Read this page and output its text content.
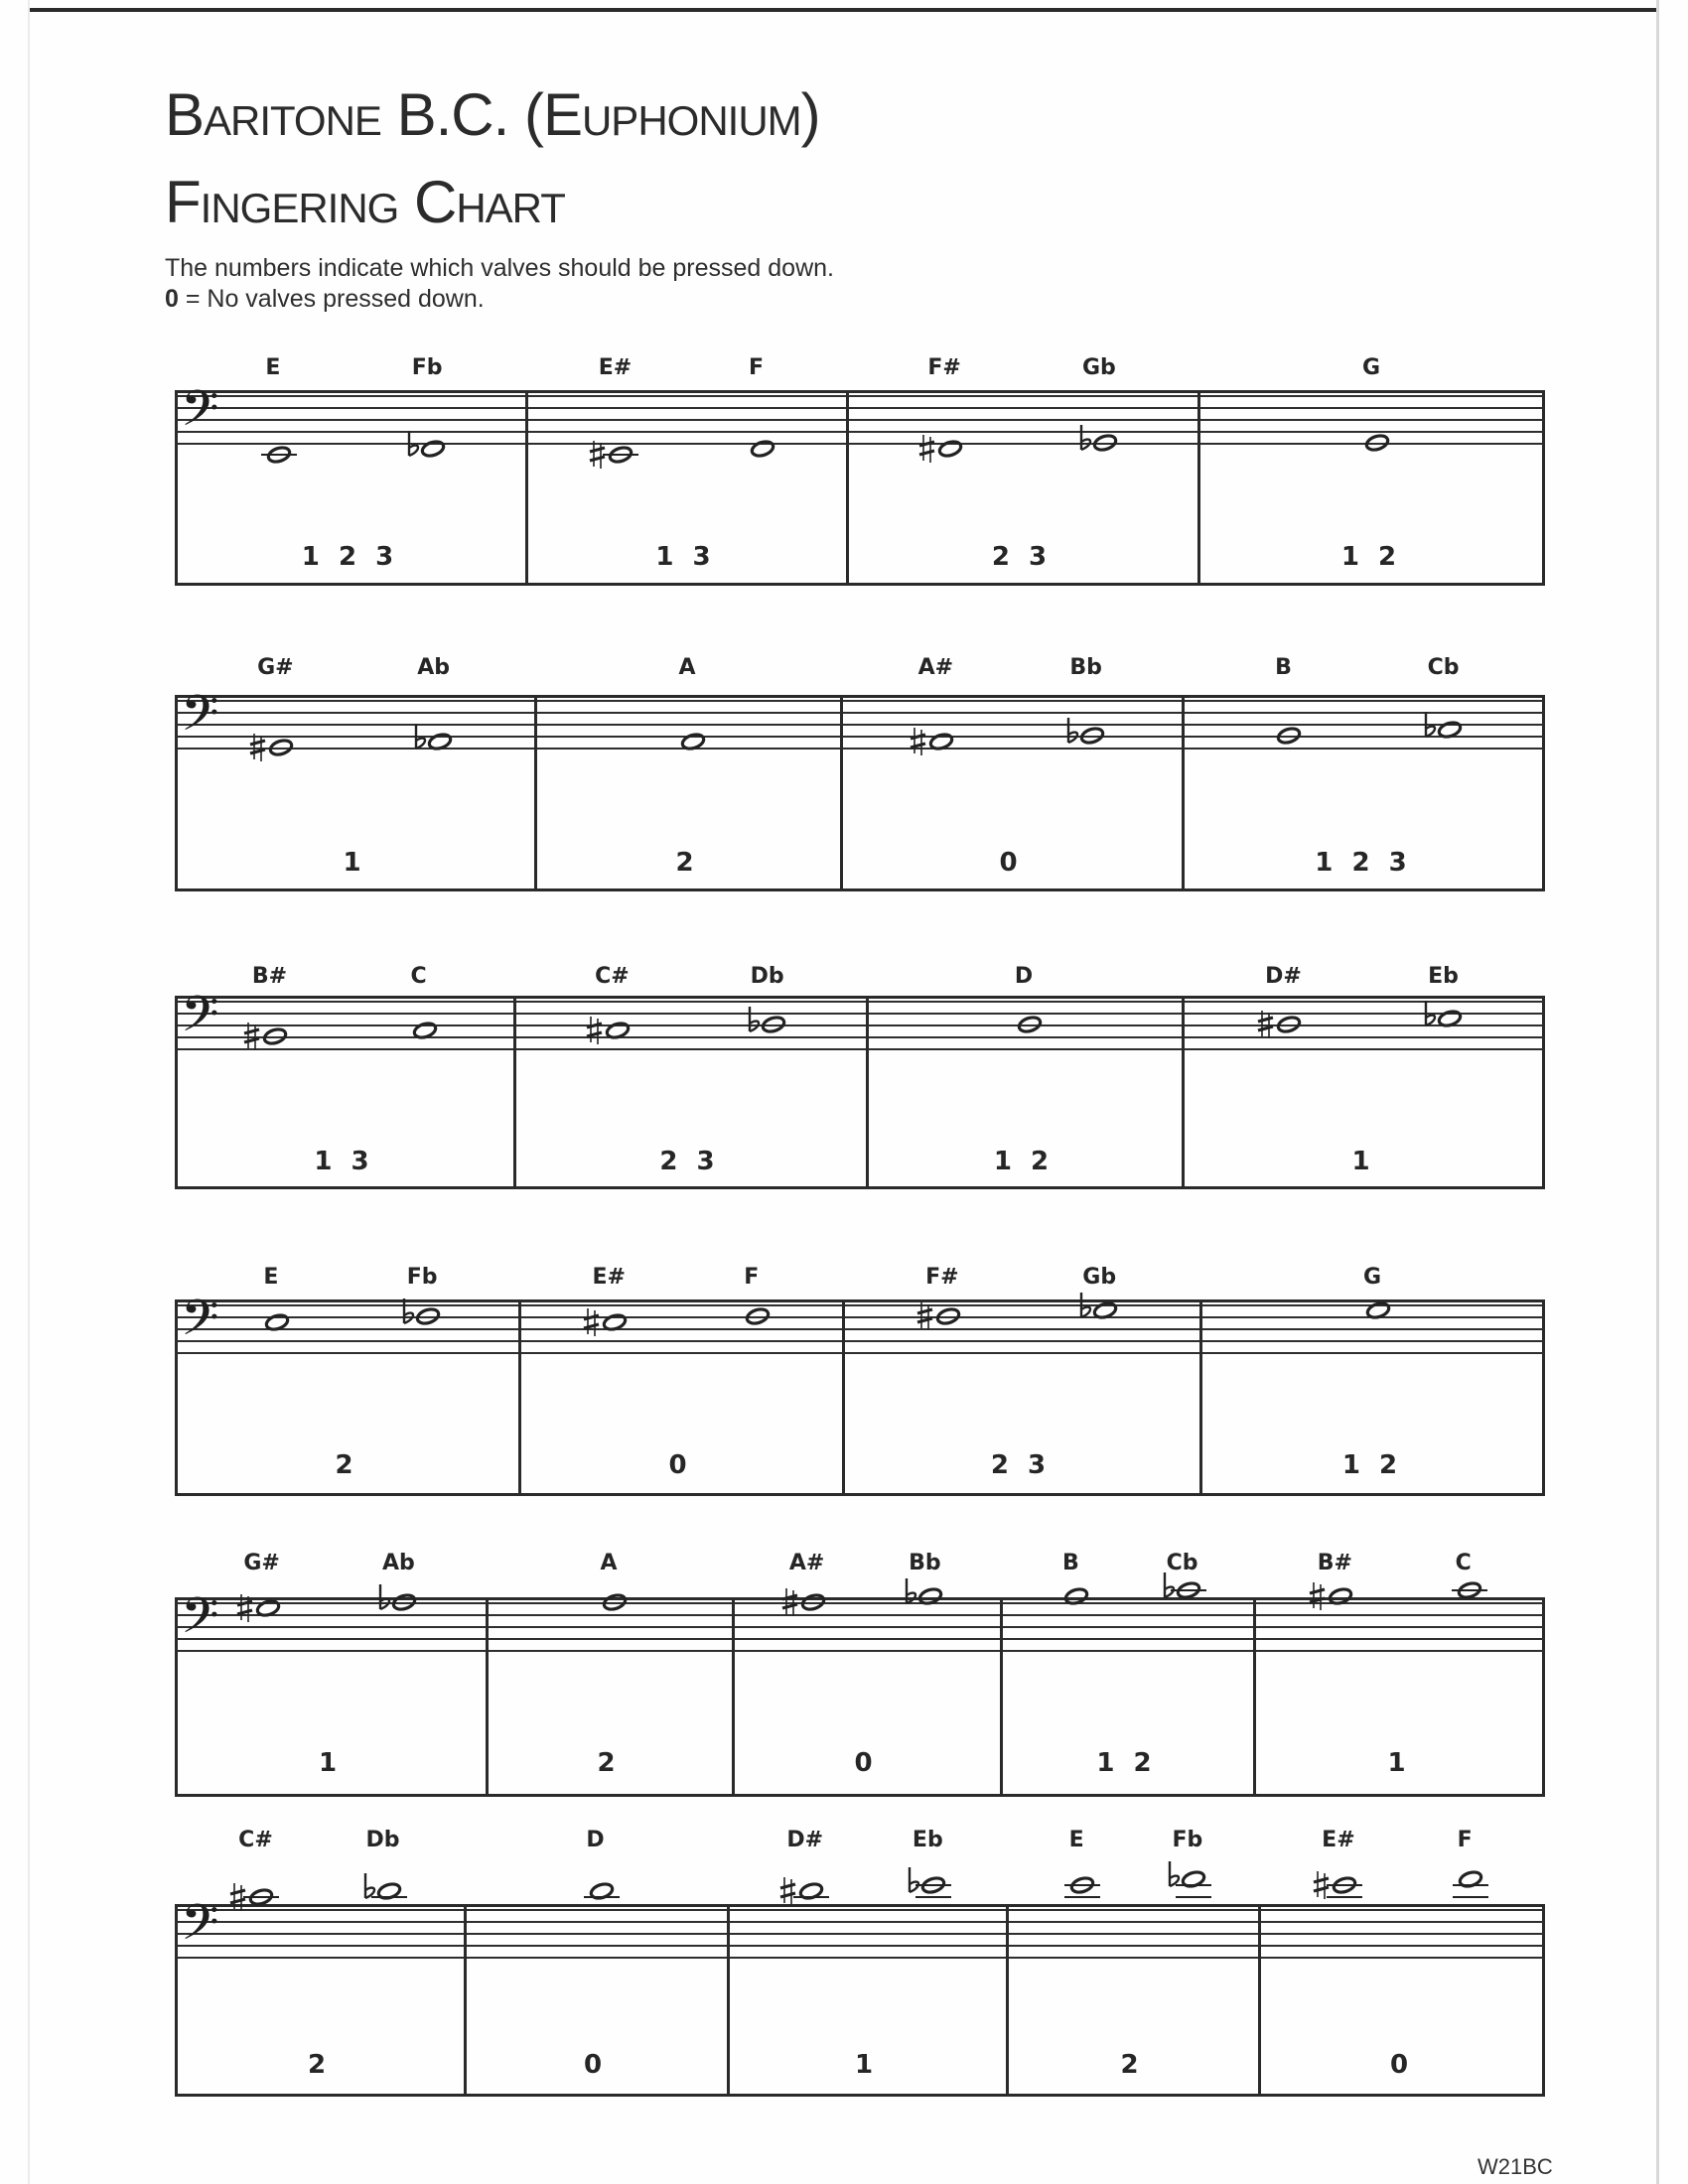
Baritone B.C. (Euphonium)
Fingering Chart
The numbers indicate which valves should be pressed down.
0 = No valves pressed down.
𝄢
E	Fb
1 2 3
E#	F
1 3
F#	Gb
2 3
G
1 2
𝄢
G#	Ab
1
A
2
A#	Bb
0
B	Cb
1 2 3
𝄢
B#	C
1 3
C#	Db
2 3
D
1 2
D#	Eb
1
𝄢
E	Fb
2
E#	F
0
F#	Gb
2 3
G
1 2
𝄢
G#	Ab
1
A
2
A#	Bb
0
B	Cb
1 2
B#	C
1
𝄢
C#	Db
2
D
0
D#	Eb
1
E	Fb
2
E#	F
0
W21BC
